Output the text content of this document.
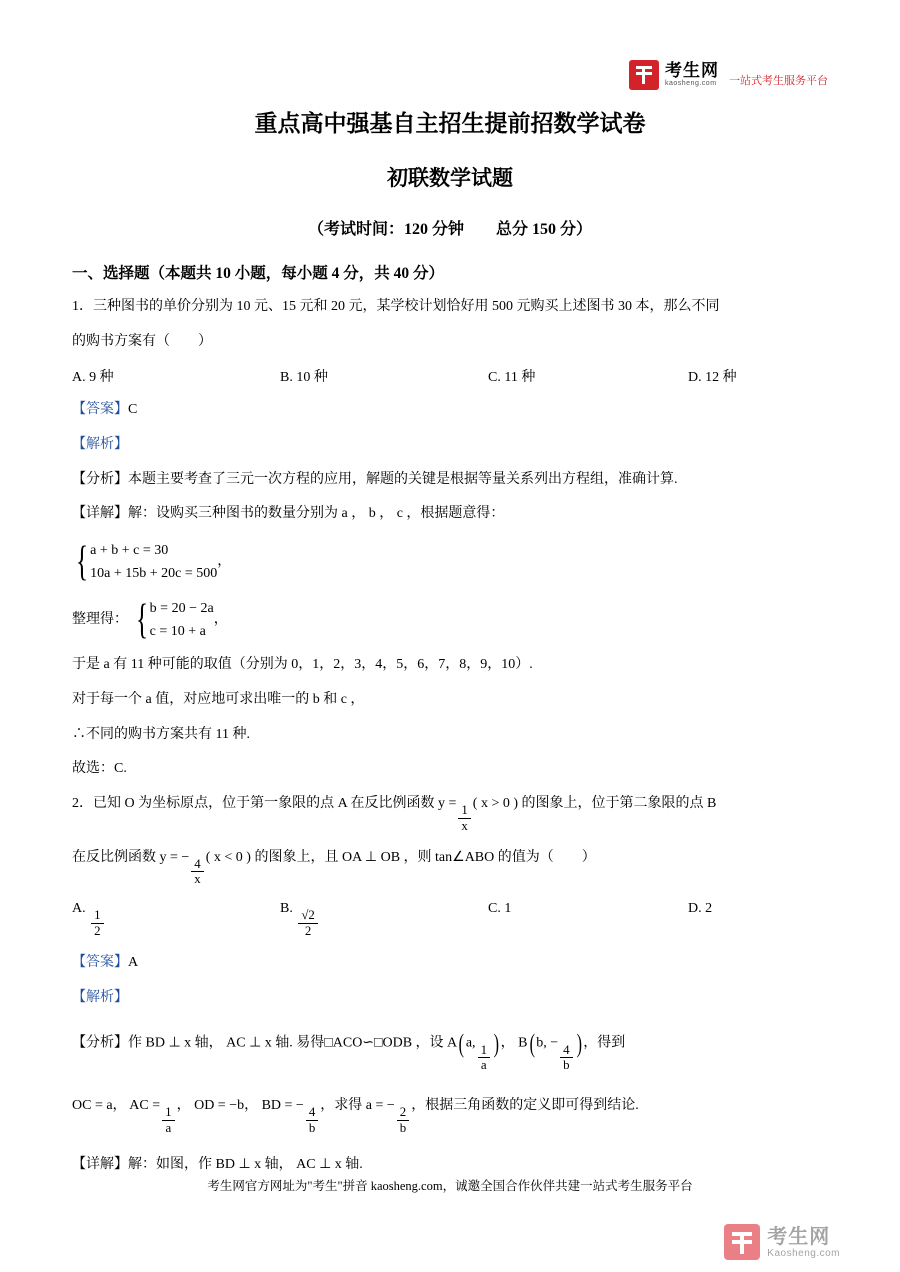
考生网
kaosheng.com 一站式考生服务平台
重点高中强基自主招生提前招数学试卷
初联数学试题

（考试时间：120 分钟　　总分 150 分）

一、选择题（本题共 10 小题，每小题 4 分，共 40 分）

1．三种图书的单价分别为 10 元、15 元和 20 元，某学校计划恰好用 500 元购买上述图书 30 本，那么不同

的购书方案有（　　）

A. 9 种	B. 10 种	C. 11 种	D. 12 种

【答案】C

【解析】

【分析】本题主要考查了三元一次方程的应用，解题的关键是根据等量关系列出方程组，准确计算.

【详解】解：设购买三种图书的数量分别为 a ， b ， c ，根据题意得：

{ a + b + c = 30
10a + 15b + 20c = 500
，
整理得： { b = 20 − 2a
c = 10 + a
，

于是 a 有 11 种可能的取值（分别为 0，1，2，3，4，5，6，7，8，9，10）.

对于每一个 a 值，对应地可求出唯一的 b 和 c ，

∴不同的购书方案共有 11 种.

故选：C.

2．已知 O 为坐标原点，位于第一象限的点 A 在反比例函数 $y = \frac{1}{x}$ ( x > 0 ) 的图象上，位于第二象限的点 B

在反比例函数 y = − $\frac{4}{x}$ ( x < 0 ) 的图象上，且 OA ⊥ OB ，则 tan∠ABO 的值为（　　）

A. $\frac{1}{2}$	B. $\frac{√2}{2}$	C. 1	D. 2

【答案】A

【解析】

【分析】作 BD ⊥ x 轴， AC ⊥ x 轴. 易得□ACO∽□ODB ，设 A( a, $\frac{1}{a}$ ) ， B( b, − $\frac{4}{b}$ ) ，得到

OC = a， AC = $\frac{1}{a}$ ， OD = −b， BD = − $\frac{4}{b}$ ，求得 a = − $\frac{2}{b}$ ，根据三角函数的定义即可得到结论.

【详解】解：如图，作 BD ⊥ x 轴， AC ⊥ x 轴.

考生网官方网址为"考生"拼音 kaosheng.com，诚邀全国合作伙伴共建一站式考生服务平台
考生网
Kaosheng.com
